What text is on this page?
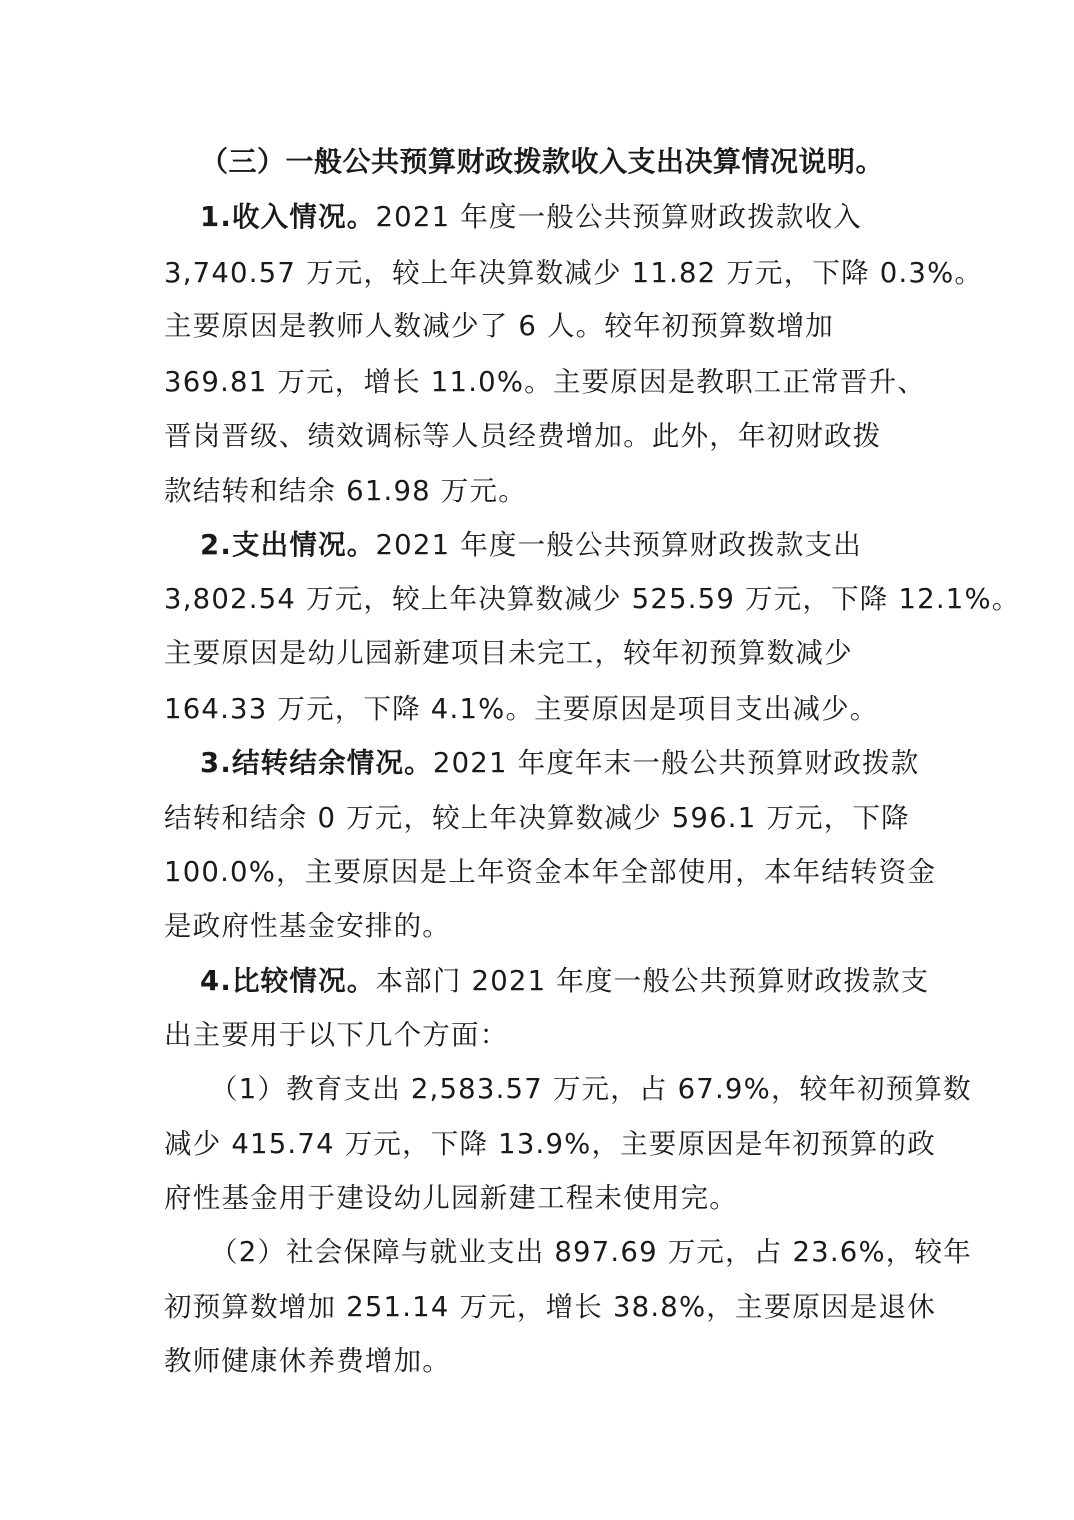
（三）一般公共预算财政拨款收入支出决算情况说明。
1.收入情况。2021 年度一般公共预算财政拨款收入
3,740.57 万元，较上年决算数减少 11.82 万元，下降 0.3%。
主要原因是教师人数减少了 6 人。较年初预算数增加
369.81 万元，增长 11.0%。主要原因是教职工正常晋升、
晋岗晋级、绩效调标等人员经费增加。此外，年初财政拨
款结转和结余 61.98 万元。
2.支出情况。2021 年度一般公共预算财政拨款支出
3,802.54 万元，较上年决算数减少 525.59 万元，下降 12.1%。
主要原因是幼儿园新建项目未完工，较年初预算数减少
164.33 万元，下降 4.1%。主要原因是项目支出减少。
3.结转结余情况。2021 年度年末一般公共预算财政拨款
结转和结余 0 万元，较上年决算数减少 596.1 万元，下降
100.0%，主要原因是上年资金本年全部使用，本年结转资金
是政府性基金安排的。
4.比较情况。本部门 2021 年度一般公共预算财政拨款支
出主要用于以下几个方面：
（1）教育支出 2,583.57 万元，占 67.9%，较年初预算数
减少 415.74 万元，下降 13.9%，主要原因是年初预算的政
府性基金用于建设幼儿园新建工程未使用完。
（2）社会保障与就业支出 897.69 万元，占 23.6%，较年
初预算数增加 251.14 万元，增长 38.8%，主要原因是退休
教师健康休养费增加。
